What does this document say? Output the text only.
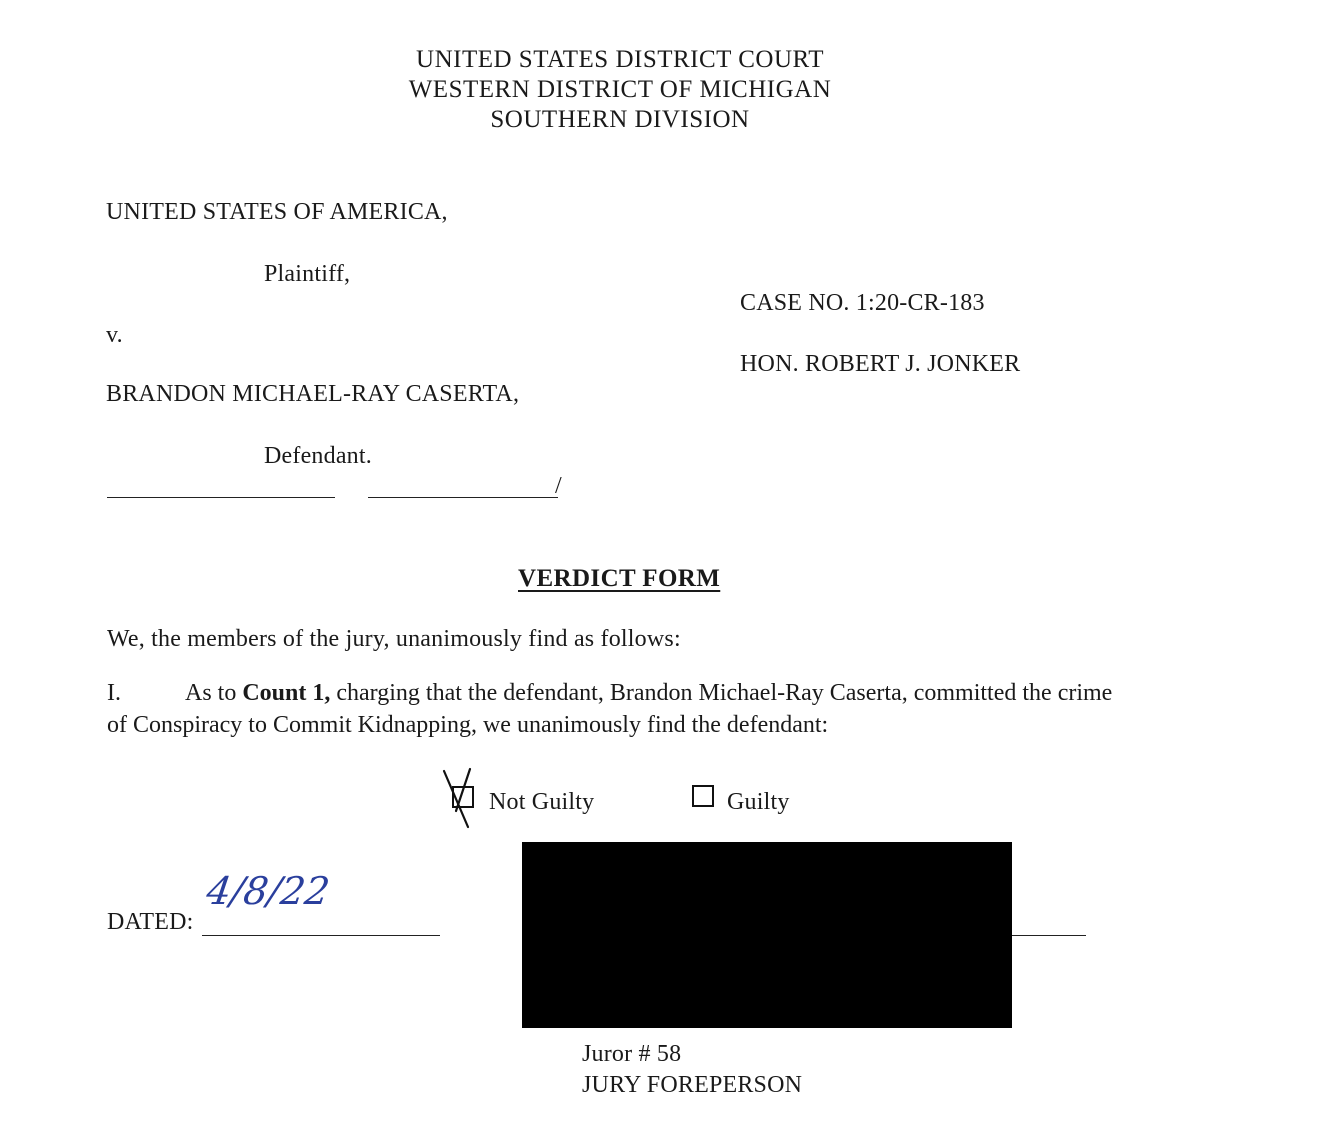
UNITED STATES DISTRICT COURT
WESTERN DISTRICT OF MICHIGAN
SOUTHERN DIVISION
UNITED STATES OF AMERICA,
Plaintiff,
v.
BRANDON MICHAEL-RAY CASERTA,
Defendant.
/
CASE NO. 1:20-CR-183
HON. ROBERT J. JONKER
VERDICT FORM
We, the members of the jury, unanimously find as follows:
I.	As to Count 1, charging that the defendant, Brandon Michael-Ray Caserta, committed the crime of Conspiracy to Commit Kidnapping, we unanimously find the defendant:
Not Guilty	Guilty
DATED:
4/8/22
Juror # 58
JURY FOREPERSON
